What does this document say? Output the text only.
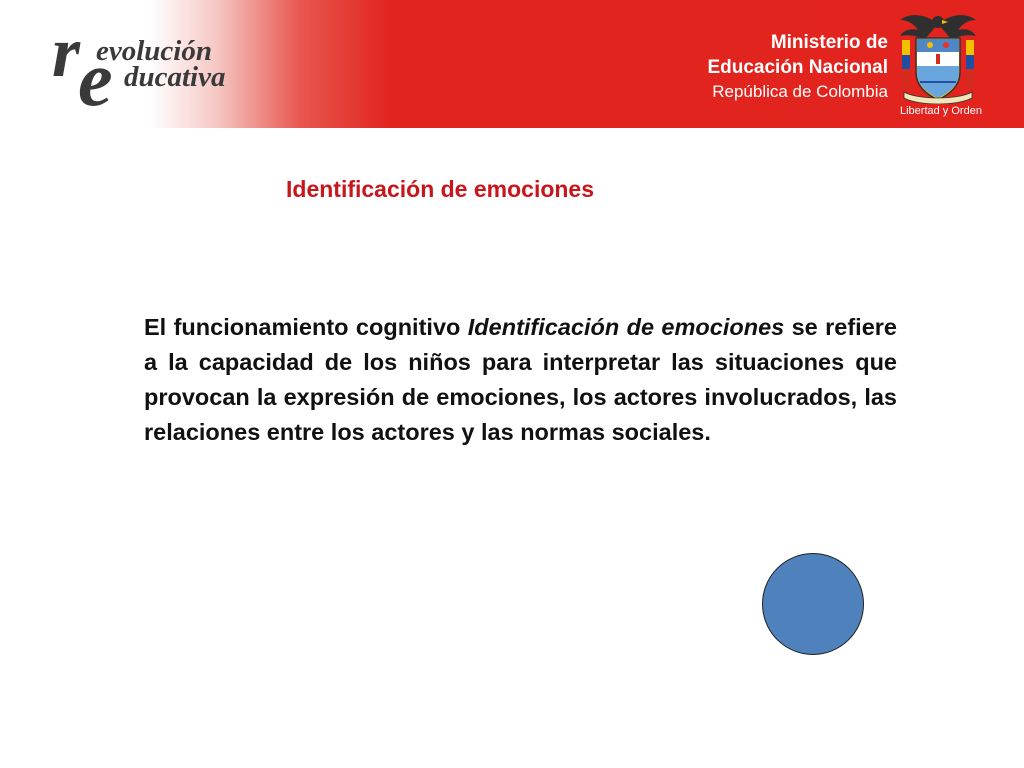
r
e
evolución
ducativa
Ministerio de
Educación Nacional
República de Colombia
Libertad y Orden
Identificación de emociones
El funcionamiento cognitivo Identificación de emociones se refiere a la capacidad de los niños para interpretar las situaciones que provocan la expresión de emociones, los actores involucrados, las relaciones entre los actores y las normas sociales.
